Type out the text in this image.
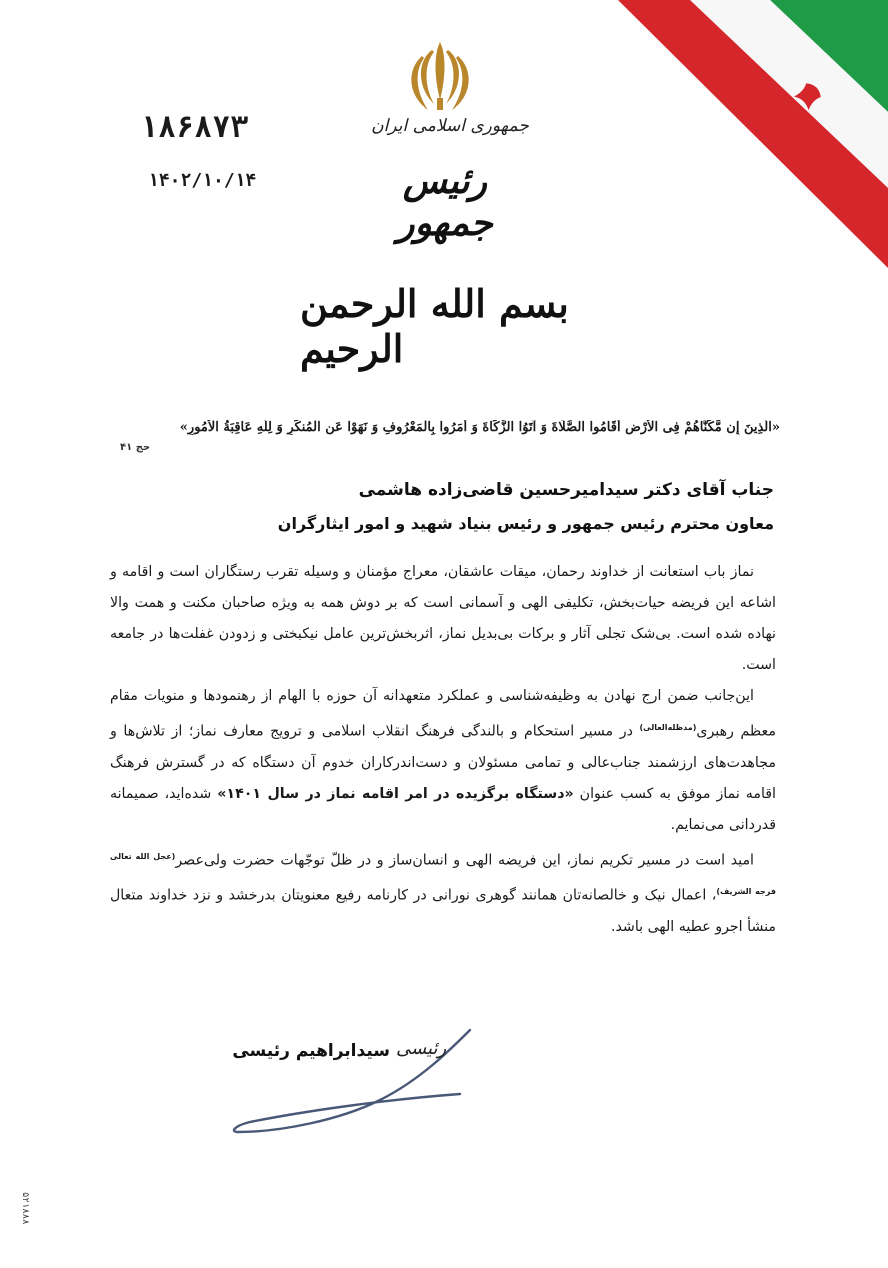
جمهوری اسلامی ایران
رئیس جمهور
۱۸۶۸۷۳
۱۴۰۲/۱۰/۱۴
بسم الله الرحمن الرحیم
«الَّذِینَ إِن مَّکَّنَّاهُمْ فِی الْأَرْضِ أَقَامُوا الصَّلَاةَ وَ آتَوُا الزَّکَاةَ وَ أَمَرُوا بِالْمَعْرُوفِ وَ نَهَوْا عَنِ الْمُنکَرِ وَ لِلَّهِ عَاقِبَةُ الْأُمُورِ»
حج ۴۱
جناب آقای دکتر سیدامیرحسین قاضی‌زاده هاشمی
معاون محترم رئیس جمهور و رئیس بنیاد شهید و امور ایثارگران

نماز باب استعانت از خداوند رحمان، میقات عاشقان، معراج مؤمنان و وسیله تقرب رستگاران است و اقامه و اشاعه این فریضه حیات‌بخش، تکلیفی الهی و آسمانی است که بر دوش همه به ویژه صاحبان مکنت و همت والا نهاده شده است. بی‌شک تجلی آثار و برکات بی‌بدیل نماز، اثربخش‌ترین عامل نیکبختی و زدودن غفلت‌ها در جامعه است.

این‌جانب ضمن ارج نهادن به وظیفه‌شناسی و عملکرد متعهدانه آن حوزه با الهام از رهنمودها و منویات مقام معظم رهبری$^{(مدظله‌العالی)}$ در مسیر استحکام و بالندگی فرهنگ انقلاب اسلامی و ترویج معارف نماز؛ از تلاش‌ها و مجاهدت‌های ارزشمند جناب‌عالی و تمامی مسئولان و دست‌اندرکاران خدوم آن دستگاه که در گسترش فرهنگ اقامه نماز موفق به کسب عنوان «دستگاه برگزیده در امر اقامه نماز در سال ۱۴۰۱» شده‌اید، صمیمانه قدردانی می‌نمایم.

امید است در مسیر تکریم نماز، این فریضه الهی و انسان‌ساز و در ظلّ توجّهات حضرت ولی‌عصر$^{(عجل الله تعالی فرجه الشریف)}$، اعمال نیک و خالصانه‌تان همانند گوهری نورانی در کارنامه رفیع معنویتان بدرخشد و نزد خداوند متعال منشأ اجرو عطیه الهی باشد.

رئیسی
سیدابراهیم رئیسی
۵۲۱۸۸۸
